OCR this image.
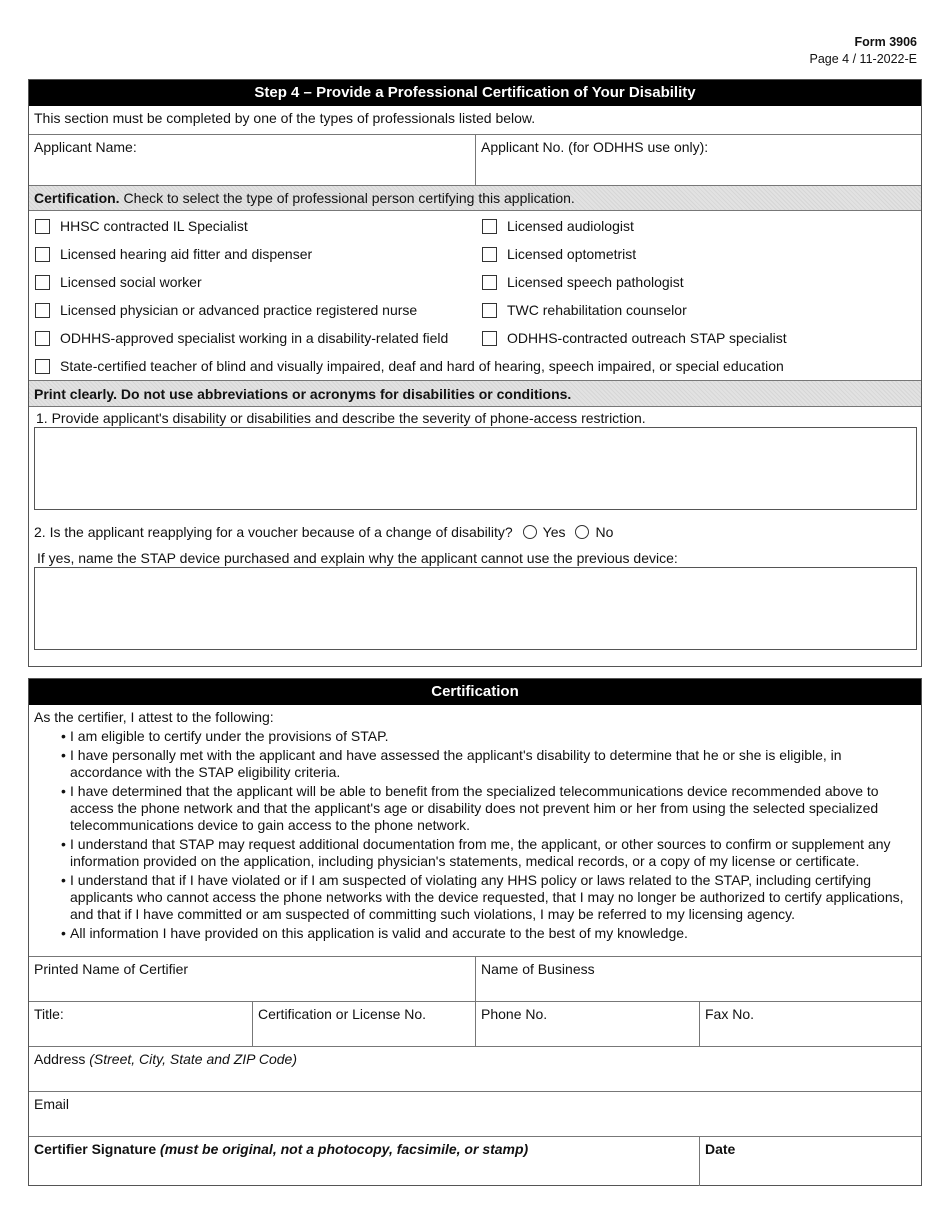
Form 3906
Page 4 / 11-2022-E
Step 4 – Provide a Professional Certification of Your Disability
This section must be completed by one of the types of professionals listed below.
Applicant Name:	Applicant No. (for ODHHS use only):
Certification. Check to select the type of professional person certifying this application.
HHSC contracted IL Specialist	Licensed audiologist
Licensed hearing aid fitter and dispenser	Licensed optometrist
Licensed social worker	Licensed speech pathologist
Licensed physician or advanced practice registered nurse	TWC rehabilitation counselor
ODHHS-approved specialist working in a disability-related field	ODHHS-contracted outreach STAP specialist
State-certified teacher of blind and visually impaired, deaf and hard of hearing, speech impaired, or special education
Print clearly. Do not use abbreviations or acronyms for disabilities or conditions.
1. Provide applicant's disability or disabilities and describe the severity of phone-access restriction.
2. Is the applicant reapplying for a voucher because of a change of disability? Yes No
If yes, name the STAP device purchased and explain why the applicant cannot use the previous device:
Certification
As the certifier, I attest to the following:
• I am eligible to certify under the provisions of STAP.
• I have personally met with the applicant and have assessed the applicant's disability to determine that he or she is eligible, in accordance with the STAP eligibility criteria.
• I have determined that the applicant will be able to benefit from the specialized telecommunications device recommended above to access the phone network and that the applicant's age or disability does not prevent him or her from using the selected specialized telecommunications device to gain access to the phone network.
• I understand that STAP may request additional documentation from me, the applicant, or other sources to confirm or supplement any information provided on the application, including physician's statements, medical records, or a copy of my license or certificate.
• I understand that if I have violated or if I am suspected of violating any HHS policy or laws related to the STAP, including certifying applicants who cannot access the phone networks with the device requested, that I may no longer be authorized to certify applications, and that if I have committed or am suspected of committing such violations, I may be referred to my licensing agency.
• All information I have provided on this application is valid and accurate to the best of my knowledge.
Printed Name of Certifier	Name of Business
Title:	Certification or License No.	Phone No.	Fax No.
Address (Street, City, State and ZIP Code)
Email
Certifier Signature (must be original, not a photocopy, facsimile, or stamp)	Date
